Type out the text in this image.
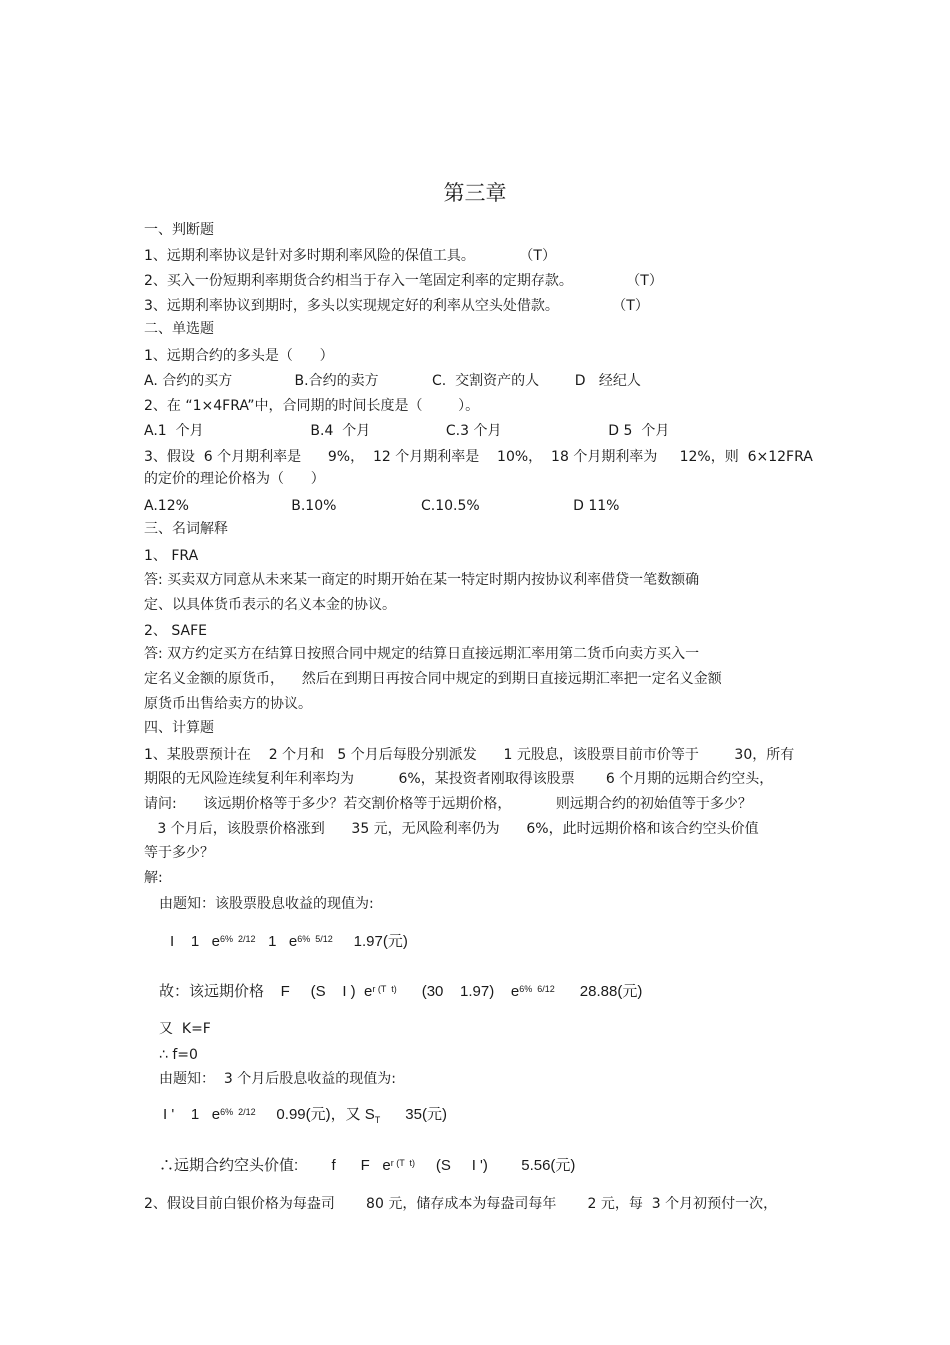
第三章
一、判断题
1、远期利率协议是针对多时期利率风险的保值工具。          （T）
2、买入一份短期利率期货合约相当于存入一笔固定利率的定期存款。            （T）
3、远期利率协议到期时，多头以实现规定好的利率从空头处借款。            （T）
二、单选题
1、远期合约的多头是（      ）
A. 合约的买方              B.合约的卖方            C.  交割资产的人        D   经纪人
2、在 “1×4FRA”中，合同期的时间长度是（        ）。
A.1  个月                        B.4  个月                 C.3 个月                        D 5  个月
3、假设  6 个月期利率是      9%，  12 个月期利率是    10%，  18 个月期利率为     12%，则  6×12FRA
的定价的理论价格为（      ）
A.12%                       B.10%                   C.10.5%                     D 11%
三、名词解释
1、 FRA
答: 买卖双方同意从未来某一商定的时期开始在某一特定时期内按协议利率借贷一笔数额确
定、以具体货币表示的名义本金的协议。
2、 SAFE
答: 双方约定买方在结算日按照合同中规定的结算日直接远期汇率用第二货币向卖方买入一
定名义金额的原货币，    然后在到期日再按合同中规定的到期日直接远期汇率把一定名义金额
原货币出售给卖方的协议。
四、计算题
1、某股票预计在    2 个月和   5 个月后每股分别派发      1 元股息，该股票目前市价等于        30，所有
期限的无风险连续复利年利率均为          6%，某投资者刚取得该股票       6 个月期的远期合约空头，
请问:      该远期价格等于多少？若交割价格等于远期价格，          则远期合约的初始值等于多少？
3 个月后，该股票价格涨到      35 元，无风险利率仍为      6%，此时远期价格和该合约空头价值
等于多少？
解:
由题知：该股票股息收益的现值为:
又  K=F
∴ f=0
由题知：  3 个月后股息收益的现值为:
2、假设目前白银价格为每盎司       80 元，储存成本为每盎司每年       2 元，每  3 个月初预付一次，
I    1   $e^{6\% 2/12}$   1   $e^{6\% 5/12}$     1.97(元)
故：该远期价格    F     (S    I )  $e^{r (T t)}$      (30    1.97)    $e^{6\% 6/12}$      28.88(元)
I '    1   $e^{6\% 2/12}$     0.99(元)，又 $S_T$      35(元)
∴远期合约空头价值:        f      F   $e^{r (T t)}$     (S     I ')        5.56(元)
